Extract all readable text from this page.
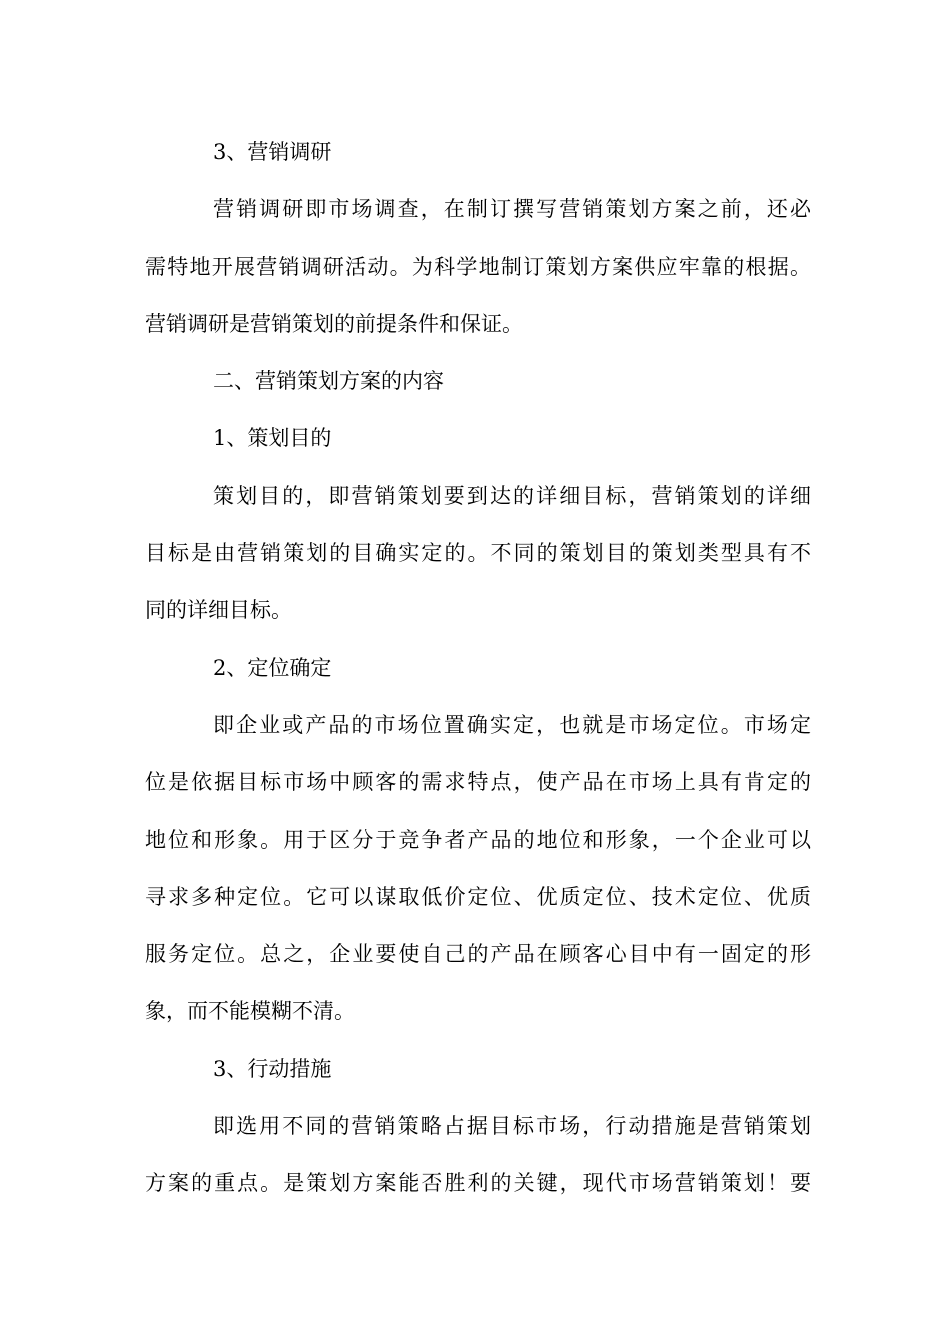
3、营销调研
营销调研即市场调查，在制订撰写营销策划方案之前，还必
需特地开展营销调研活动。为科学地制订策划方案供应牢靠的根据。
营销调研是营销策划的前提条件和保证。
二、营销策划方案的内容
1、策划目的
策划目的，即营销策划要到达的详细目标，营销策划的详细
目标是由营销策划的目确实定的。不同的策划目的策划类型具有不
同的详细目标。
2、定位确定
即企业或产品的市场位置确实定，也就是市场定位。市场定
位是依据目标市场中顾客的需求特点，使产品在市场上具有肯定的
地位和形象。用于区分于竞争者产品的地位和形象，一个企业可以
寻求多种定位。它可以谋取低价定位、优质定位、技术定位、优质
服务定位。总之，企业要使自己的产品在顾客心目中有一固定的形
象，而不能模糊不清。
3、行动措施
即选用不同的营销策略占据目标市场，行动措施是营销策划
方案的重点。是策划方案能否胜利的关键，现代市场营销策划！要
